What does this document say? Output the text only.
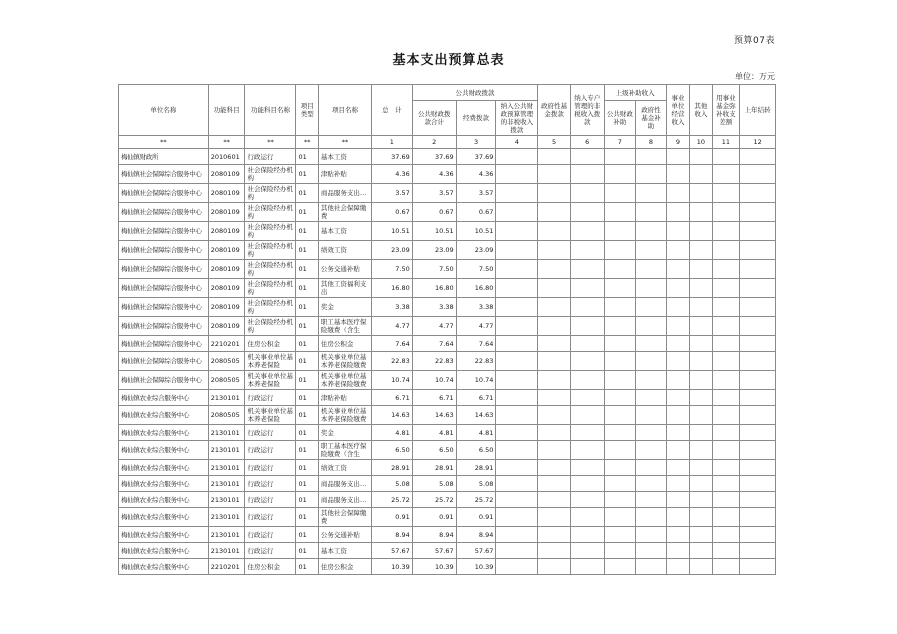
预算07表
基本支出预算总表
单位：万元
单位名称	功能科目	功能科目名称	项目类型	项目名称	总　计	公共财政拨款			政府性基金拨款	纳入专户管理的非税收入拨款	上级补助收入		事业单位经营收入	其他收入	用事业基金弥补收支差额	上年结转
						公共财政拨款合计	经费拨款	纳入公共财政预算管理的非税收入拨款			公共财政补助	政府性基金补助				
**	**	**	**	**	1	2	3	4	5	6	7	8	9	10	11	12
梅仙镇财政所	2010601	行政运行	01	基本工资	37.69	37.69	37.69									
梅仙镇社会保障综合服务中心	2080109	社会保险经办机构	01	津贴补贴	4.36	4.36	4.36									
梅仙镇社会保障综合服务中心	2080109	社会保险经办机构	01	商品服务支出…	3.57	3.57	3.57									
梅仙镇社会保障综合服务中心	2080109	社会保险经办机构	01	其他社会保障缴费	0.67	0.67	0.67									
梅仙镇社会保障综合服务中心	2080109	社会保险经办机构	01	基本工资	10.51	10.51	10.51									
梅仙镇社会保障综合服务中心	2080109	社会保险经办机构	01	绩效工资	23.09	23.09	23.09									
梅仙镇社会保障综合服务中心	2080109	社会保险经办机构	01	公务交通补贴	7.50	7.50	7.50									
梅仙镇社会保障综合服务中心	2080109	社会保险经办机构	01	其他工资福利支出	16.80	16.80	16.80									
梅仙镇社会保障综合服务中心	2080109	社会保险经办机构	01	奖金	3.38	3.38	3.38									
梅仙镇社会保障综合服务中心	2080109	社会保险经办机构	01	职工基本医疗保险缴费（含生	4.77	4.77	4.77									
梅仙镇社会保障综合服务中心	2210201	住房公积金	01	住房公积金	7.64	7.64	7.64									
梅仙镇社会保障综合服务中心	2080505	机关事业单位基本养老保险	01	机关事业单位基本养老保险缴费	22.83	22.83	22.83									
梅仙镇社会保障综合服务中心	2080505	机关事业单位基本养老保险	01	机关事业单位基本养老保险缴费	10.74	10.74	10.74									
梅仙镇农业综合服务中心	2130101	行政运行	01	津贴补贴	6.71	6.71	6.71									
梅仙镇农业综合服务中心	2080505	机关事业单位基本养老保险	01	机关事业单位基本养老保险缴费	14.63	14.63	14.63									
梅仙镇农业综合服务中心	2130101	行政运行	01	奖金	4.81	4.81	4.81									
梅仙镇农业综合服务中心	2130101	行政运行	01	职工基本医疗保险缴费（含生	6.50	6.50	6.50									
梅仙镇农业综合服务中心	2130101	行政运行	01	绩效工资	28.91	28.91	28.91									
梅仙镇农业综合服务中心	2130101	行政运行	01	商品服务支出…	5.08	5.08	5.08									
梅仙镇农业综合服务中心	2130101	行政运行	01	商品服务支出…	25.72	25.72	25.72									
梅仙镇农业综合服务中心	2130101	行政运行	01	其他社会保障缴费	0.91	0.91	0.91									
梅仙镇农业综合服务中心	2130101	行政运行	01	公务交通补贴	8.94	8.94	8.94									
梅仙镇农业综合服务中心	2130101	行政运行	01	基本工资	57.67	57.67	57.67									
梅仙镇农业综合服务中心	2210201	住房公积金	01	住房公积金	10.39	10.39	10.39									
